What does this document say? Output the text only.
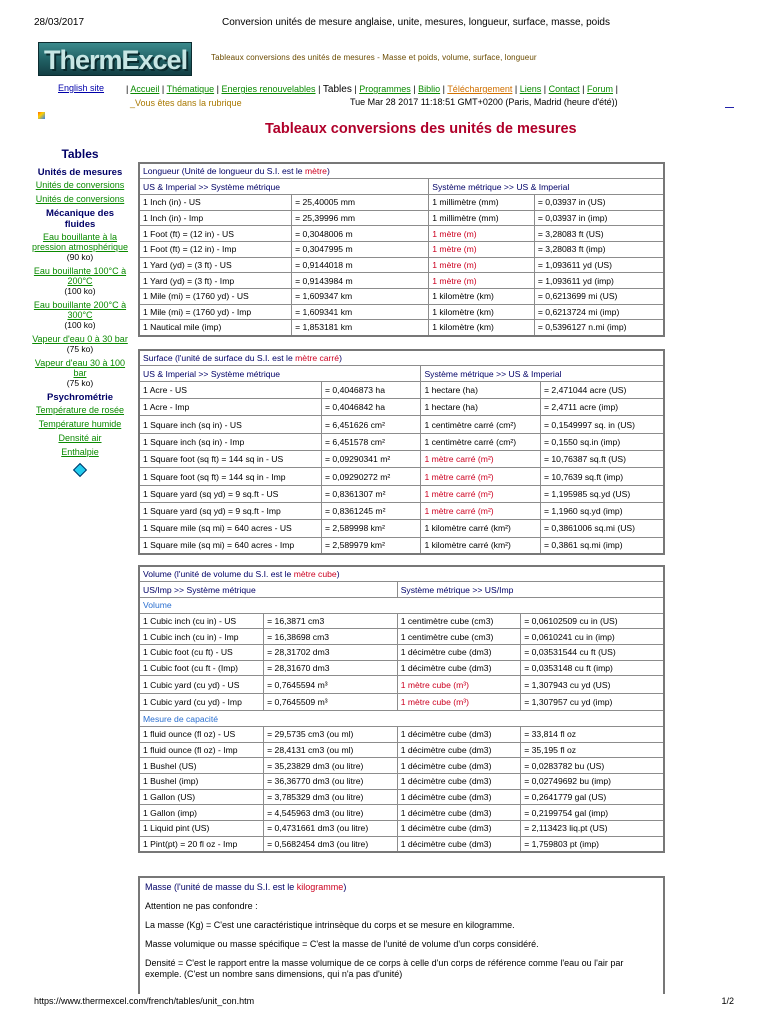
28/03/2017	Conversion unités de mesure anglaise, unite, mesures, longueur, surface, masse, poids
ThermExcel	Tableaux conversions des unités de mesures - Masse et poids, volume, surface, longueur
English site | Accueil | Thématique | Energies renouvelables | Tables | Programmes | Biblio | Téléchargement | Liens | Contact | Forum |
_Vous êtes dans la rubrique	Tue Mar 28 2017 11:18:51 GMT+0200 (Paris, Madrid (heure d'été))
Tableaux conversions des unités de mesures
Tables
Unités de mesures
Unités de conversions
Unités de conversions
Mécanique des fluides
Eau bouillante à la pression atmosphérique
(90 ko)
Eau bouillante 100°C à 200°C
(100 ko)
Eau bouillante 200°C à 300°C
(100 ko)
Vapeur d'eau 0 à 30 bar
(75 ko)
Vapeur d'eau 30 à 100 bar
(75 ko)
Psychrométrie
Température de rosée
Température humide
Densité air
Enthalpie
Longueur (Unité de longueur du S.I. est le mètre)			
US & Imperial >> Système métrique		Système métrique >> US & Imperial	
1 Inch (in) - US	= 25,40005 mm	1 millimètre (mm)	= 0,03937 in (US)
1 Inch (in) - Imp	= 25,39996 mm	1 millimètre (mm)	= 0,03937 in (imp)
1 Foot (ft) = (12 in) - US	= 0,3048006 m	1 mètre (m)	= 3,28083 ft (US)
1 Foot (ft) = (12 in) - Imp	= 0,3047995 m	1 mètre (m)	= 3,28083 ft (imp)
1 Yard (yd) = (3 ft) - US	= 0,9144018 m	1 mètre (m)	= 1,093611 yd (US)
1 Yard (yd) = (3 ft) - Imp	= 0,9143984 m	1 mètre (m)	= 1,093611 yd (imp)
1 Mile (mi) = (1760 yd) - US	= 1,609347 km	1 kilomètre (km)	= 0,6213699 mi (US)
1 Mile (mi) = (1760 yd) - Imp	= 1,609341 km	1 kilomètre (km)	= 0,6213724 mi (imp)
1 Nautical mile (imp)	= 1,853181 km	1 kilomètre (km)	= 0,5396127 n.mi (imp)
Surface (l'unité de surface du S.I. est le mètre carré)			
US & Imperial >> Système métrique		Système métrique >> US & Imperial	
1 Acre - US	= 0,4046873 ha	1 hectare (ha)	= 2,471044 acre (US)
1 Acre - Imp	= 0,4046842 ha	1 hectare (ha)	= 2,4711 acre (imp)
1 Square inch (sq in) - US	= 6,451626 cm²	1 centimètre carré (cm²)	= 0,1549997 sq. in (US)
1 Square inch (sq in) - Imp	= 6,451578 cm²	1 centimètre carré (cm²)	= 0,1550 sq.in (imp)
1 Square foot (sq ft) = 144 sq in - US	= 0,09290341 m²	1 mètre carré (m²)	= 10,76387 sq.ft (US)
1 Square foot (sq ft) = 144 sq in - Imp	= 0,09290272 m²	1 mètre carré (m²)	= 10,7639 sq.ft (imp)
1 Square yard (sq yd) = 9 sq.ft - US	= 0,8361307 m²	1 mètre carré (m²)	= 1,195985 sq.yd (US)
1 Square yard (sq yd) = 9 sq.ft - Imp	= 0,8361245 m²	1 mètre carré (m²)	= 1,1960 sq.yd (imp)
1 Square mile (sq mi) = 640 acres - US	= 2,589998 km²	1 kilomètre carré (km²)	= 0,3861006 sq.mi (US)
1 Square mile (sq mi) = 640 acres - Imp	= 2,589979 km²	1 kilomètre carré (km²)	= 0,3861 sq.mi (imp)
Volume (l'unité de volume du S.I. est le mètre cube)			
US/Imp >> Système métrique		Système métrique >> US/Imp	
Volume			
1 Cubic inch (cu in) - US	= 16,3871 cm3	1 centimètre cube (cm3)	= 0,06102509 cu in (US)
1 Cubic inch (cu in) - Imp	= 16,38698 cm3	1 centimètre cube (cm3)	= 0,0610241 cu in (imp)
1 Cubic foot (cu ft) - US	= 28,31702 dm3	1 décimètre cube (dm3)	= 0,03531544 cu ft (US)
1 Cubic foot (cu ft - (Imp)	= 28,31670 dm3	1 décimètre cube (dm3)	= 0,0353148 cu ft (imp)
1 Cubic yard (cu yd) - US	= 0,7645594 m³	1 mètre cube (m³)	= 1,307943 cu yd (US)
1 Cubic yard (cu yd) - Imp	= 0,7645509 m³	1 mètre cube (m³)	= 1,307957 cu yd (imp)
Mesure de capacité			
1 fluid ounce (fl oz) - US	= 29,5735 cm3 (ou ml)	1 décimètre cube (dm3)	= 33,814 fl oz
1 fluid ounce (fl oz) - Imp	= 28,4131 cm3 (ou ml)	1 décimètre cube (dm3)	= 35,195 fl oz
1 Bushel (US)	= 35,23829 dm3 (ou litre)	1 décimètre cube (dm3)	= 0,0283782 bu (US)
1 Bushel (imp)	= 36,36770 dm3 (ou litre)	1 décimètre cube (dm3)	= 0,02749692 bu (imp)
1 Gallon (US)	= 3,785329 dm3 (ou litre)	1 décimètre cube (dm3)	= 0,2641779 gal (US)
1 Gallon (imp)	= 4,545963 dm3 (ou litre)	1 décimètre cube (dm3)	= 0,2199754 gal (imp)
1 Liquid pint (US)	= 0,4731661 dm3 (ou litre)	1 décimètre cube (dm3)	= 2,113423 liq.pt (US)
1 Pint(pt) = 20 fl oz - Imp	= 0,5682454 dm3 (ou litre)	1 décimètre cube (dm3)	= 1,759803 pt (imp)
Masse (l'unité de masse du S.I. est le kilogramme)

Attention ne pas confondre :

La masse (Kg) = C'est une caractéristique intrinsèque du corps et se mesure en kilogramme.

Masse volumique ou masse spécifique = C'est la masse de l'unité de volume d'un corps considéré.

Densité = C'est le rapport entre la masse volumique de ce corps à celle d'un corps de référence comme l'eau ou l'air par exemple. (C'est un nombre sans dimensions, qui n'a pas d'unité)

https://www.thermexcel.com/french/tables/unit_con.htm	1/2
